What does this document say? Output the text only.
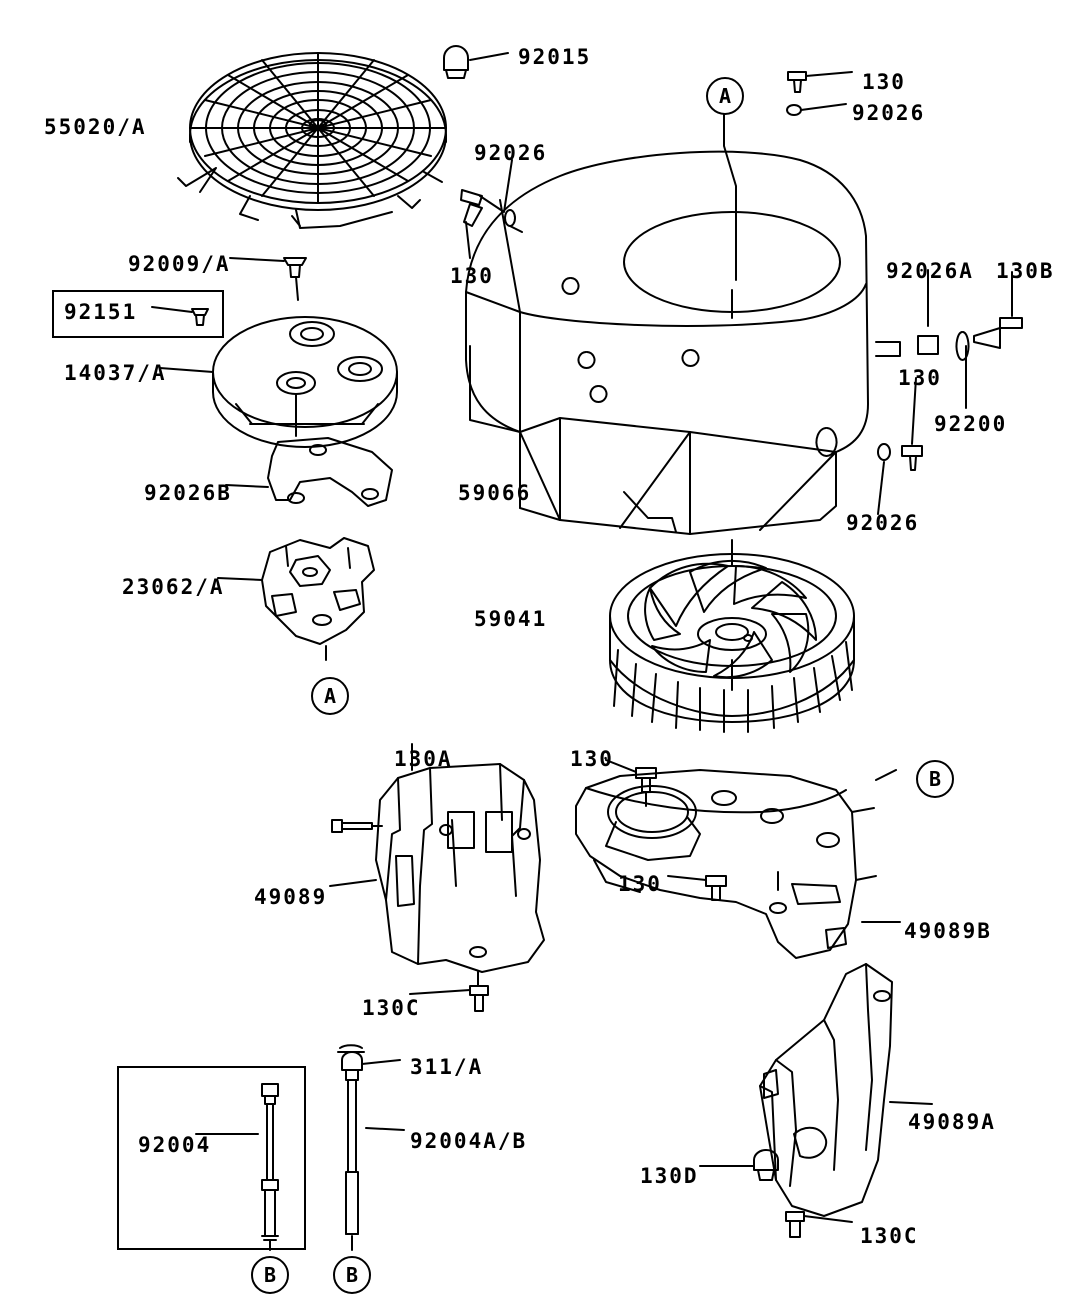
92015
130
92026
55020/A
92026
130
92009/A
92151
14037/A
92026A 130B
130
92200
92026B	59066
92026
23062/A
59041
130A	130
49089
130
49089B
130C
311/A
92004	92004A/B
49089A
130D
130C
A
A
B
B	B
